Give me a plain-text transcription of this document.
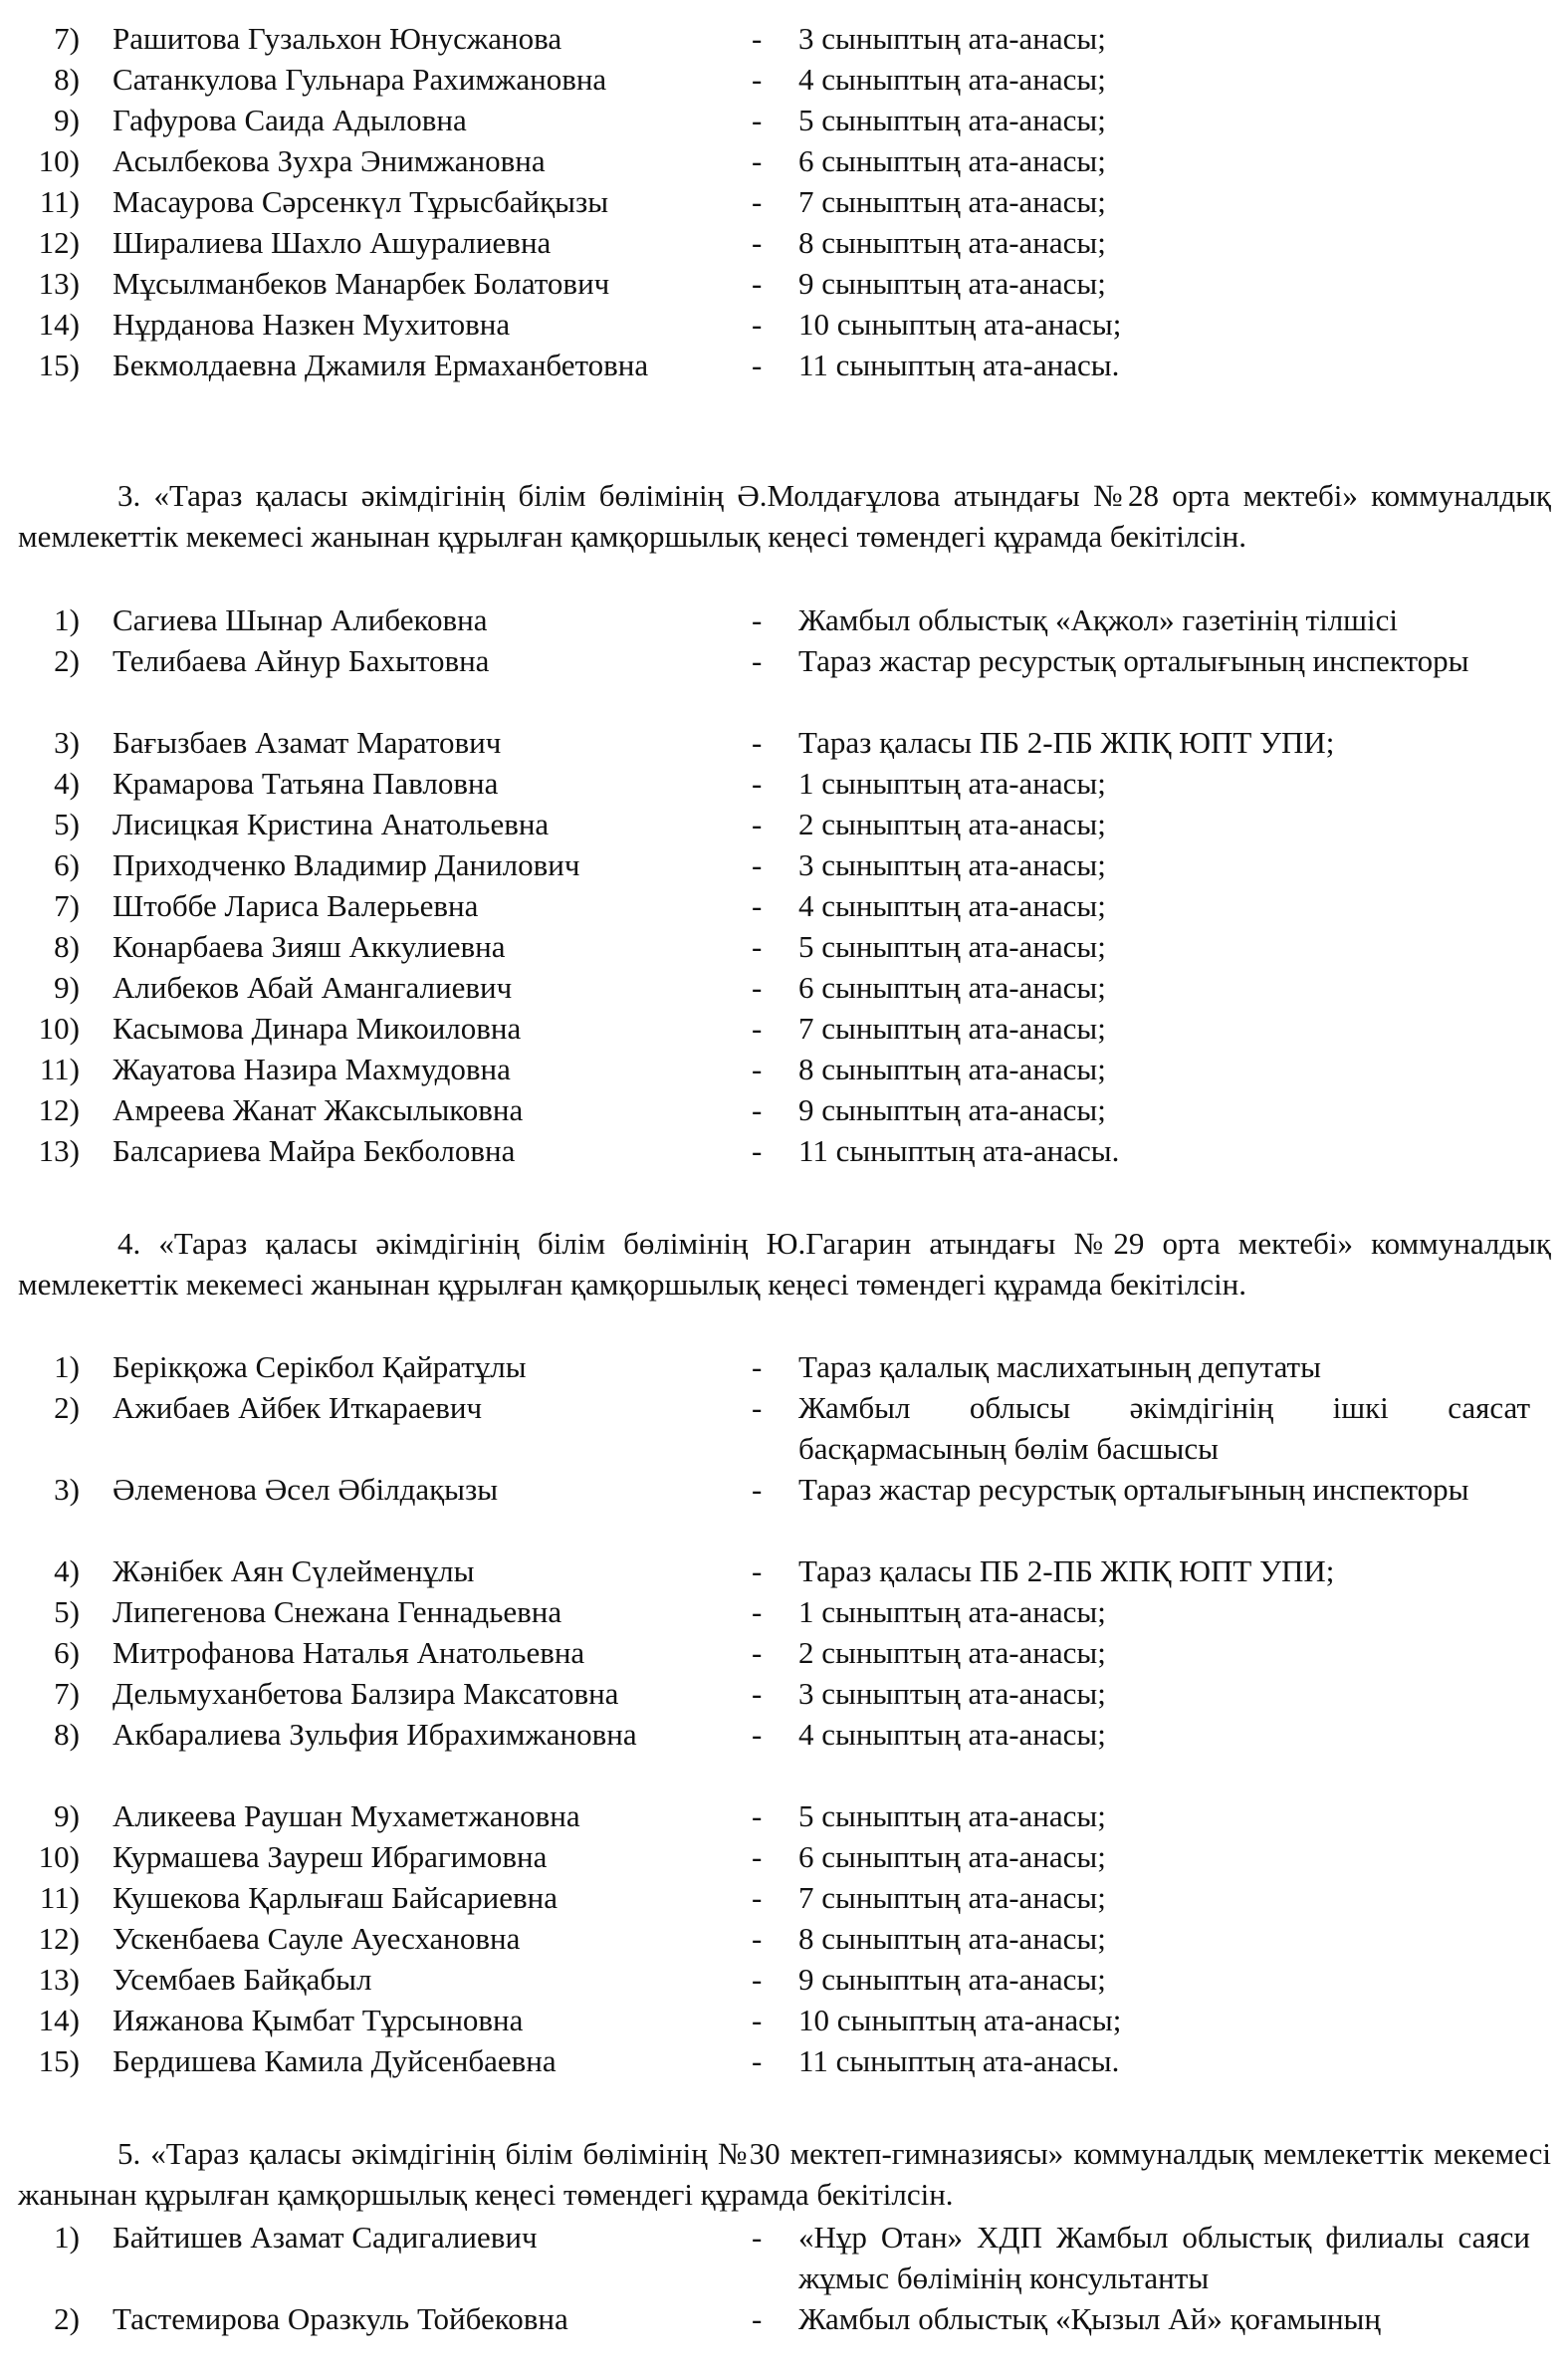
7) Рашитова Гузальхон Юнусжанова	- 3 сыныптың ата-анасы;
8) Сатанкулова Гульнара Рахимжановна	- 4 сыныптың ата-анасы;
9) Гафурова Саида Адыловна	- 5 сыныптың ата-анасы;
10) Асылбекова Зухра Энимжановна	- 6 сыныптың ата-анасы;
11) Масаурова Сәрсенкүл Тұрысбайқызы	- 7 сыныптың ата-анасы;
12) Ширалиева Шахло Ашуралиевна	- 8 сыныптың ата-анасы;
13) Мұсылманбеков Манарбек Болатович	- 9 сыныптың ата-анасы;
14) Нұрданова Назкен Мухитовна	- 10 сыныптың ата-анасы;
15) Бекмолдаевна Джамиля Ермаханбетовна	- 11 сыныптың ата-анасы.
3. «Тараз қаласы әкімдігінің білім бөлімінің Ә.Молдағұлова атындағы №28 орта мектебі» коммуналдық мемлекеттік мекемесі жанынан құрылған қамқоршылық кеңесі төмендегі құрамда бекітілсін.
1) Сагиева Шынар Алибековна	- Жамбыл облыстық «Ақжол» газетінің тілшісі
2) Телибаева Айнур Бахытовна	- Тараз жастар ресурстық орталығының инспекторы
3) Бағызбаев Азамат Маратович	- Тараз қаласы ПБ 2-ПБ ЖПҚ ЮПТ УПИ;
4) Крамарова Татьяна Павловна	- 1 сыныптың ата-анасы;
5) Лисицкая Кристина Анатольевна	- 2 сыныптың ата-анасы;
6) Приходченко Владимир Данилович	- 3 сыныптың ата-анасы;
7) Штоббе Лариса Валерьевна	- 4 сыныптың ата-анасы;
8) Конарбаева Зияш Аккулиевна	- 5 сыныптың ата-анасы;
9) Алибеков Абай Амангалиевич	- 6 сыныптың ата-анасы;
10) Касымова Динара Микоиловна	- 7 сыныптың ата-анасы;
11) Жауатова Назира Махмудовна	- 8 сыныптың ата-анасы;
12) Амреева Жанат Жаксылыковна	- 9 сыныптың ата-анасы;
13) Балсариева Майра Бекболовна	- 11 сыныптың ата-анасы.
4. «Тараз қаласы әкімдігінің білім бөлімінің Ю.Гагарин атындағы №29 орта мектебі» коммуналдық мемлекеттік мекемесі жанынан құрылған қамқоршылық кеңесі төмендегі құрамда бекітілсін.
1) Берікқожа Серікбол Қайратұлы	- Тараз қалалық маслихатының депутаты
2) Ажибаев Айбек Иткараевич	- Жамбыл облысы әкімдігінің ішкі саясат басқармасының бөлім басшысы
3) Әлеменова Әсел Әбілдақызы	- Тараз жастар ресурстық орталығының инспекторы
4) Жәнібек Аян Сүлейменұлы	- Тараз қаласы ПБ 2-ПБ ЖПҚ ЮПТ УПИ;
5) Липегенова Снежана Геннадьевна	- 1 сыныптың ата-анасы;
6) Митрофанова Наталья Анатольевна	- 2 сыныптың ата-анасы;
7) Дельмуханбетова Балзира Максатовна	- 3 сыныптың ата-анасы;
8) Акбаралиева Зульфия Ибрахимжановна	- 4 сыныптың ата-анасы;
9) Аликеева Раушан Мухаметжановна	- 5 сыныптың ата-анасы;
10) Курмашева Зауреш Ибрагимовна	- 6 сыныптың ата-анасы;
11) Кушекова Қарлығаш Байсариевна	- 7 сыныптың ата-анасы;
12) Ускенбаева Сауле Ауесхановна	- 8 сыныптың ата-анасы;
13) Усембаев Байқабыл	- 9 сыныптың ата-анасы;
14) Ияжанова Қымбат Тұрсыновна	- 10 сыныптың ата-анасы;
15) Бердишева Камила Дуйсенбаевна	- 11 сыныптың ата-анасы.
5. «Тараз қаласы әкімдігінің білім бөлімінің №30 мектеп-гимназиясы» коммуналдық мемлекеттік мекемесі жанынан құрылған қамқоршылық кеңесі төмендегі құрамда бекітілсін.
1) Байтишев Азамат Садигалиевич	- «Нұр Отан» ХДП Жамбыл облыстық филиалы саяси жұмыс бөлімінің консультанты
2) Тастемирова Оразкуль Тойбековна	- Жамбыл облыстық «Қызыл Ай» қоғамының
